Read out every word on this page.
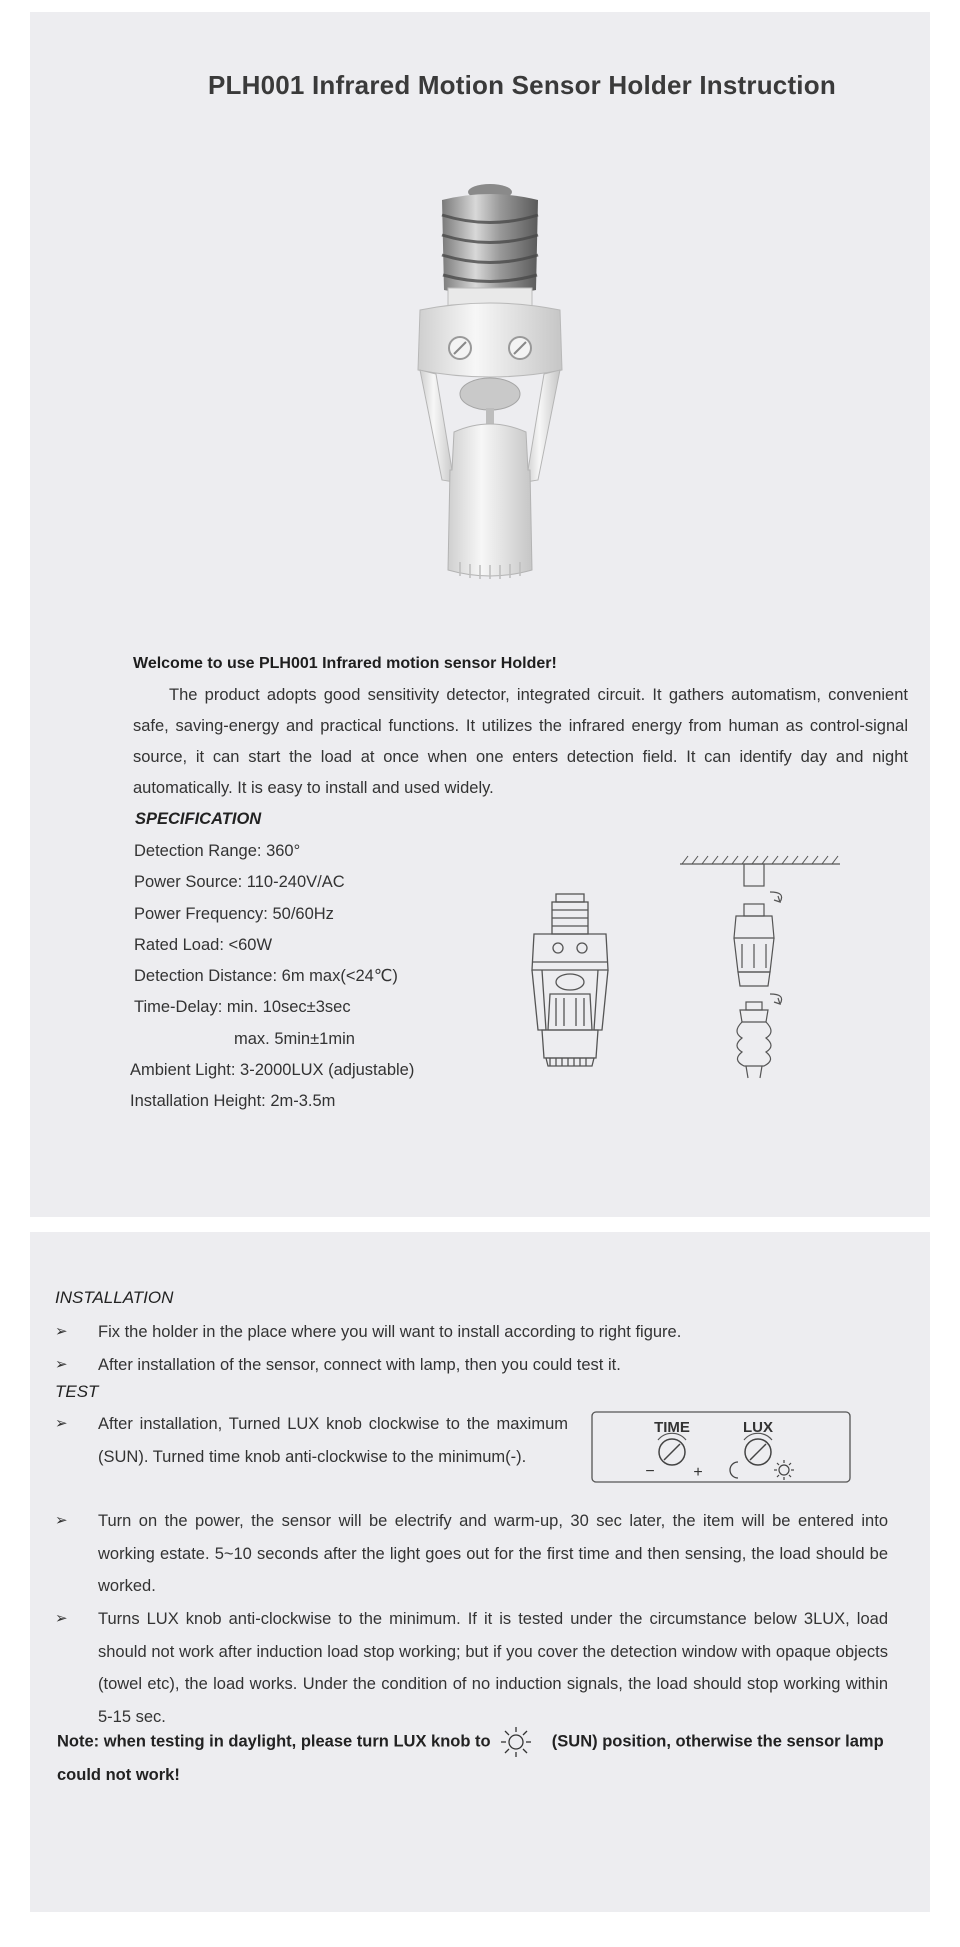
PLH001 Infrared Motion Sensor Holder Instruction
Welcome to use PLH001 Infrared motion sensor Holder!
The product adopts good sensitivity detector, integrated circuit. It gathers automatism, convenient safe, saving-energy and practical functions. It utilizes the infrared energy from human as control-signal source, it can start the load at once when one enters detection field. It can identify day and night automatically. It is easy to install and used widely.
SPECIFICATION
Detection Range: 360°
Power Source: 110-240V/AC
Power Frequency: 50/60Hz
Rated Load: <60W
Detection Distance: 6m max(<24℃)
Time-Delay: min. 10sec±3sec
max. 5min±1min
Ambient Light: 3-2000LUX (adjustable)
Installation Height: 2m-3.5m
INSTALLATION
➢ Fix the holder in the place where you will want to install according to right figure.
➢ After installation of the sensor, connect with lamp, then you could test it.
TEST
➢ After installation, Turned LUX knob clockwise to the maximum (SUN). Turned time knob anti-clockwise to the minimum(-).
TIME	LUX
− +
➢ Turn on the power, the sensor will be electrify and warm-up, 30 sec later, the item will be entered into working estate. 5~10 seconds after the light goes out for the first time and then sensing, the load should be worked.
➢ Turns LUX knob anti-clockwise to the minimum. If it is tested under the circumstance below 3LUX, load should not work after induction load stop working; but if you cover the detection window with opaque objects (towel etc), the load works. Under the condition of no induction signals, the load should stop working within 5-15 sec.
Note: when testing in daylight, please turn LUX knob to	(SUN) position, otherwise the sensor lamp could not work!
